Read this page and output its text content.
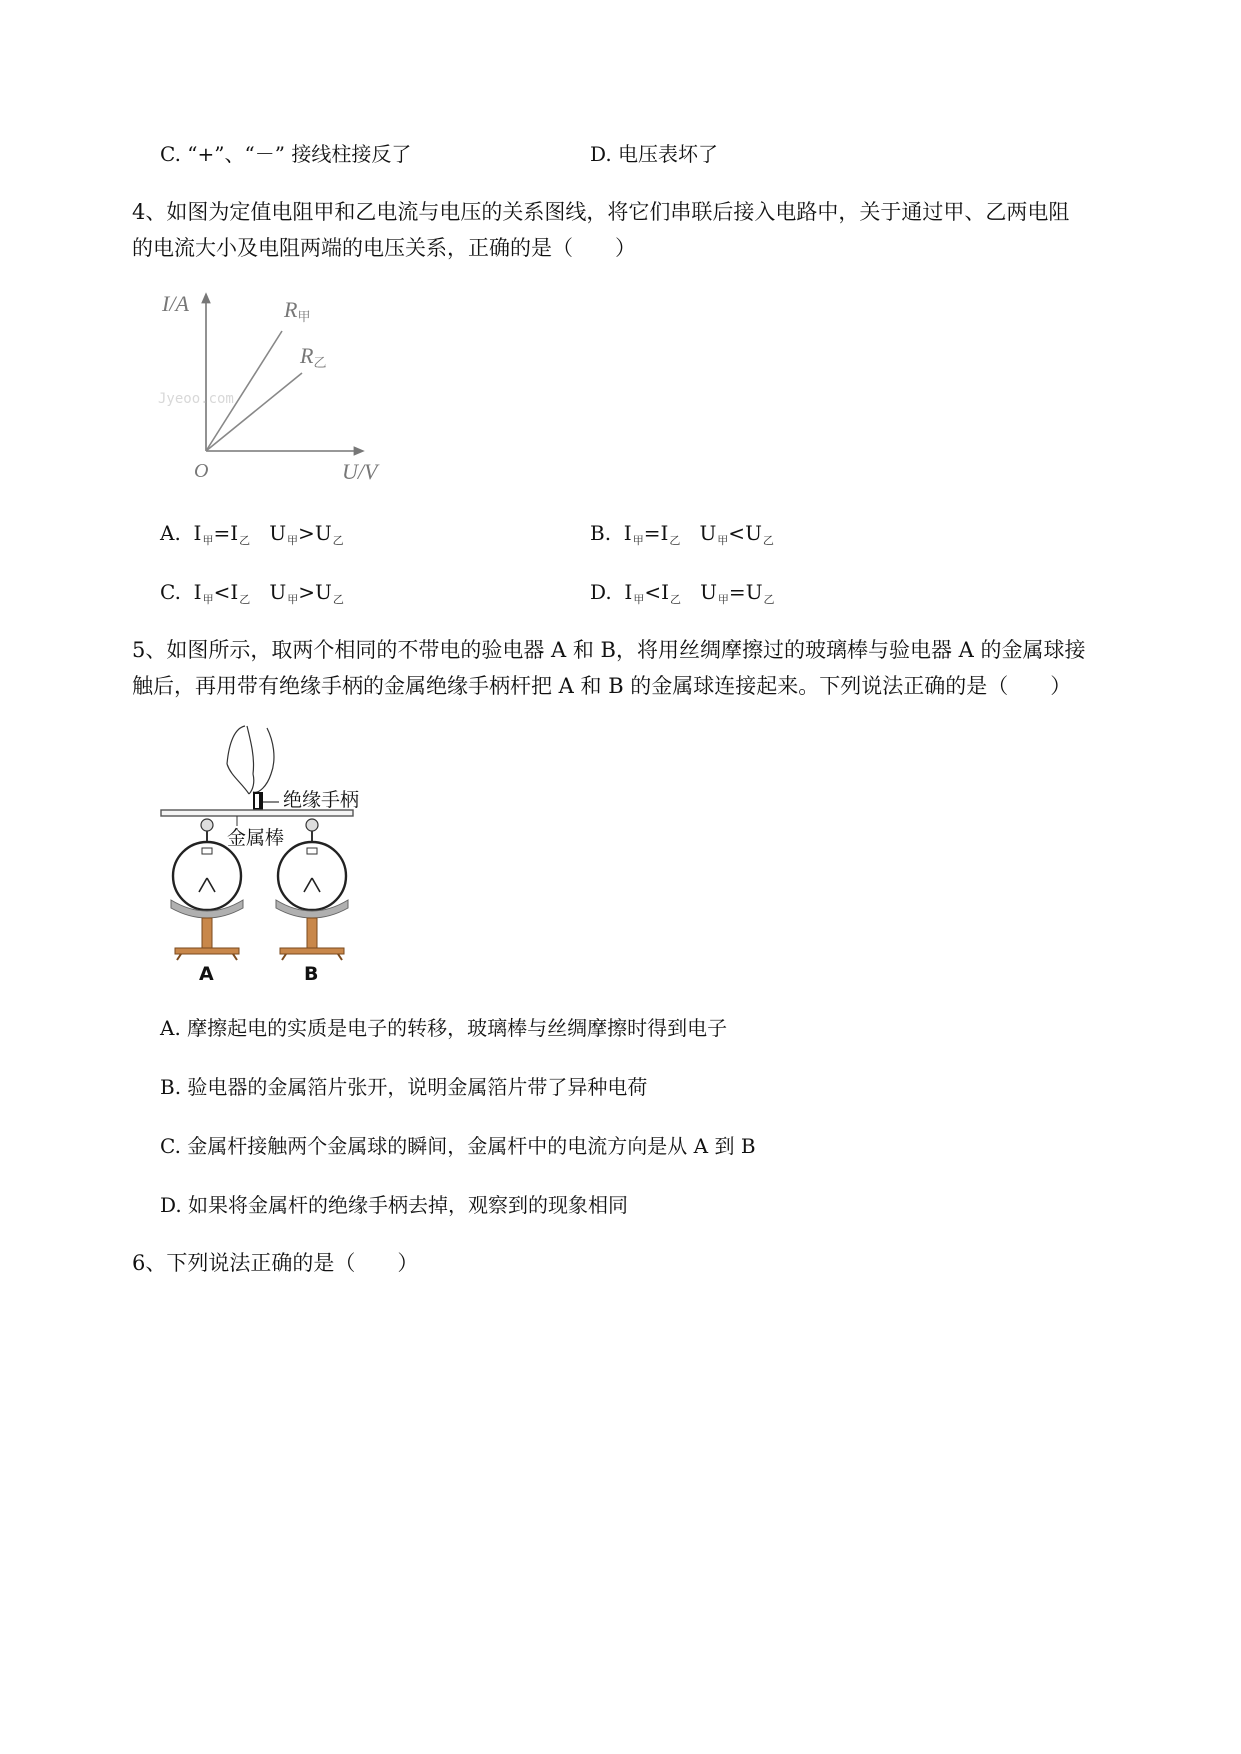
C. “+”、“－” 接线柱接反了	D. 电压表坏了
4、如图为定值电阻甲和乙电流与电压的关系图线，将它们串联后接入电路中，关于通过甲、乙两电阻
的电流大小及电阻两端的电压关系，正确的是（　　）
Jyeoo.com
I/A
U/V
O
R甲
R乙
A. $I_甲=I_乙$ $U_甲>U_乙$	B. $I_甲=I_乙$ $U_甲<U_乙$
C. $I_甲<I_乙$ $U_甲>U_乙$	D. $I_甲<I_乙$ $U_甲=U_乙$
5、如图所示，取两个相同的不带电的验电器 A 和 B，将用丝绸摩擦过的玻璃棒与验电器 A 的金属球接
触后，再用带有绝缘手柄的金属绝缘手柄杆把 A 和 B 的金属球连接起来。下列说法正确的是（　　）
绝缘手柄
金属棒
A	B
A. 摩擦起电的实质是电子的转移，玻璃棒与丝绸摩擦时得到电子
B. 验电器的金属箔片张开，说明金属箔片带了异种电荷
C. 金属杆接触两个金属球的瞬间，金属杆中的电流方向是从 A 到 B
D. 如果将金属杆的绝缘手柄去掉，观察到的现象相同
6、下列说法正确的是（　　）
